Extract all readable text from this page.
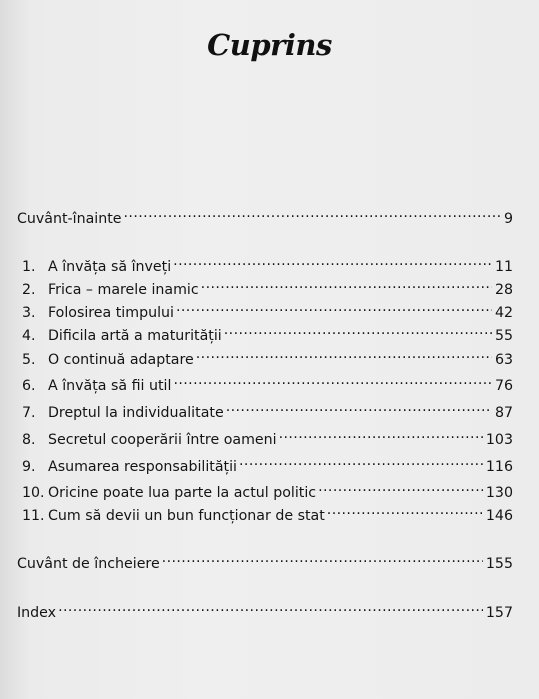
Cuprins
Cuvânt-înainte .....	9
1. A învăța să înveți .....	11
2. Frica – marele inamic .....	28
3. Folosirea timpului .....	42
4. Dificila artă a maturității .....	55
5. O continuă adaptare .....	63
6. A învăța să fii util .....	76
7. Dreptul la individualitate .....	87
8. Secretul cooperării între oameni .....	103
9. Asumarea responsabilității .....	116
10. Oricine poate lua parte la actul politic .....	130
11. Cum să devii un bun funcționar de stat .....	146
Cuvânt de încheiere .....	155
Index .....	157
